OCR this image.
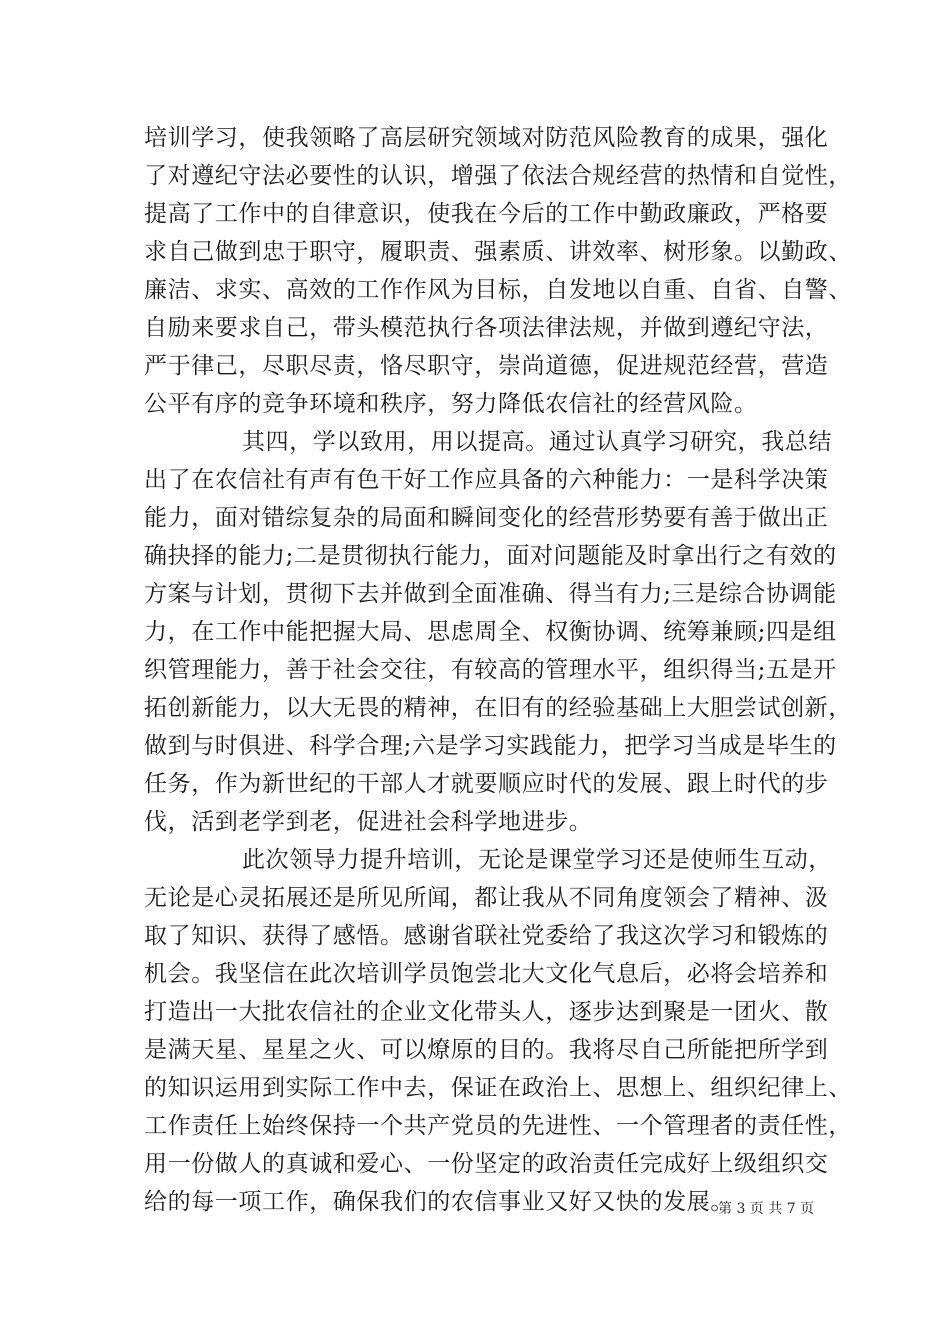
培训学习，使我领略了高层研究领域对防范风险教育的成果，强化
了对遵纪守法必要性的认识，增强了依法合规经营的热情和自觉性，
提高了工作中的自律意识，使我在今后的工作中勤政廉政，严格要
求自己做到忠于职守，履职责、强素质、讲效率、树形象。以勤政、
廉洁、求实、高效的工作作风为目标，自发地以自重、自省、自警、
自励来要求自己，带头模范执行各项法律法规，并做到遵纪守法，
严于律己，尽职尽责，恪尽职守，崇尚道德，促进规范经营，营造
公平有序的竞争环境和秩序，努力降低农信社的经营风险。
其四，学以致用，用以提高。通过认真学习研究，我总结
出了在农信社有声有色干好工作应具备的六种能力：一是科学决策
能力，面对错综复杂的局面和瞬间变化的经营形势要有善于做出正
确抉择的能力;二是贯彻执行能力，面对问题能及时拿出行之有效的
方案与计划，贯彻下去并做到全面准确、得当有力;三是综合协调能
力，在工作中能把握大局、思虑周全、权衡协调、统筹兼顾;四是组
织管理能力，善于社会交往，有较高的管理水平，组织得当;五是开
拓创新能力，以大无畏的精神，在旧有的经验基础上大胆尝试创新，
做到与时俱进、科学合理;六是学习实践能力，把学习当成是毕生的
任务，作为新世纪的干部人才就要顺应时代的发展、跟上时代的步
伐，活到老学到老，促进社会科学地进步。
此次领导力提升培训，无论是课堂学习还是使师生互动，
无论是心灵拓展还是所见所闻，都让我从不同角度领会了精神、汲
取了知识、获得了感悟。感谢省联社党委给了我这次学习和锻炼的
机会。我坚信在此次培训学员饱尝北大文化气息后，必将会培养和
打造出一大批农信社的企业文化带头人，逐步达到聚是一团火、散
是满天星、星星之火、可以燎原的目的。我将尽自己所能把所学到
的知识运用到实际工作中去，保证在政治上、思想上、组织纪律上、
工作责任上始终保持一个共产党员的先进性、一个管理者的责任性，
用一份做人的真诚和爱心、一份坚定的政治责任完成好上级组织交
给的每一项工作，确保我们的农信事业又好又快的发展。
第 3 页 共 7 页
